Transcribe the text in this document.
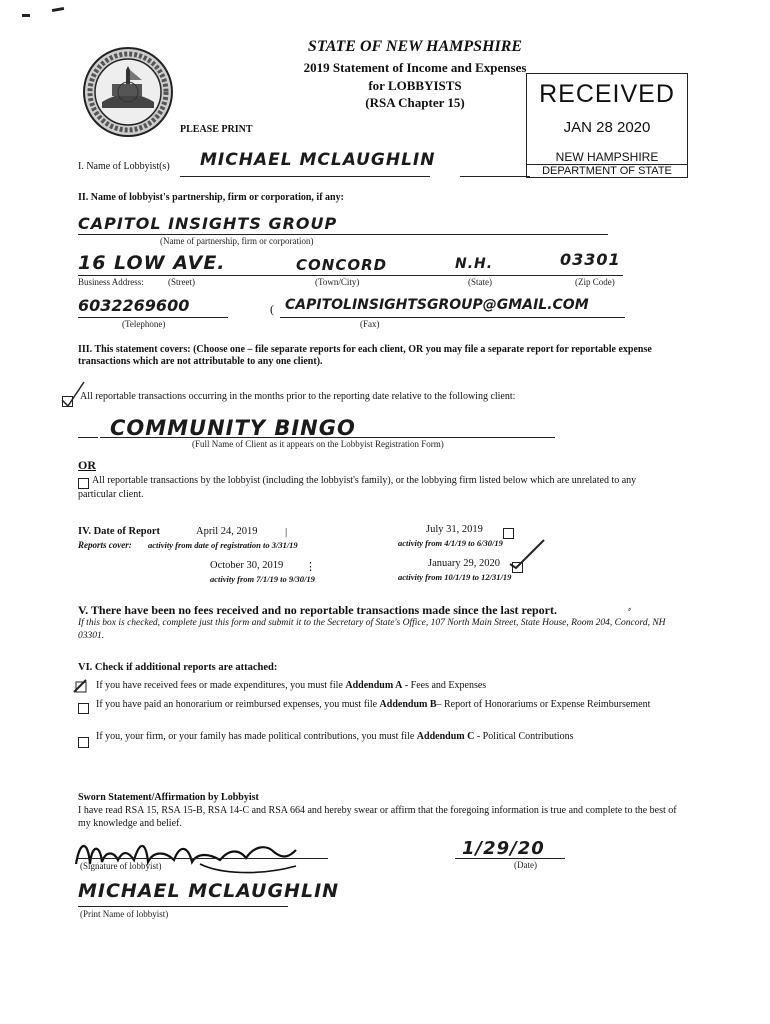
STATE OF NEW HAMPSHIRE
2019 Statement of Income and Expenses
for LOBBYISTS
(RSA Chapter 15)
PLEASE PRINT
RECEIVED
JAN 28 2020
NEW HAMPSHIRE
DEPARTMENT OF STATE
I. Name of Lobbyist(s) MICHAEL MCLAUGHLIN
II. Name of lobbyist's partnership, firm or corporation, if any:
CAPITOL INSIGHTS GROUP
(Name of partnership, firm or corporation)
16 LOW AVE.	CONCORD	N.H.	03301
Business Address:	(Street)	(Town/City)	(State)	(Zip Code)
6032269600	( CAPITOLINSIGHTSGROUP@GMAIL.COM
(Telephone)	(Fax)
III. This statement covers: (Choose one – file separate reports for each client, OR you may file a separate report for reportable expense transactions which are not attributable to any one client).
All reportable transactions occurring in the months prior to the reporting date relative to the following client:
COMMUNITY BINGO
(Full Name of Client as it appears on the Lobbyist Registration Form)
OR
All reportable transactions by the lobbyist (including the lobbyist's family), or the lobbying firm listed below which are unrelated to any particular client.
IV. Date of Report
Reports cover:
April 24, 2019 |
activity from date of registration to 3/31/19
July 31, 2019
activity from 4/1/19 to 6/30/19
October 30, 2019 ⋮
activity from 7/1/19 to 9/30/19
January 29, 2020
activity from 10/1/19 to 12/31/19
V. There have been no fees received and no reportable transactions made since the last report.	⸗
If this box is checked, complete just this form and submit it to the Secretary of State's Office, 107 North Main Street, State House, Room 204, Concord, NH 03301.
VI. Check if additional reports are attached:
If you have received fees or made expenditures, you must file Addendum A - Fees and Expenses
If you have paid an honorarium or reimbursed expenses, you must file Addendum B– Report of Honorariums or Expense Reimbursement
If you, your firm, or your family has made political contributions, you must file Addendum C - Political Contributions
Sworn Statement/Affirmation by Lobbyist
I have read RSA 15, RSA 15-B, RSA 14-C and RSA 664 and hereby swear or affirm that the foregoing information is true and complete to the best of my knowledge and belief.
(Signature of lobbyist)
1/29/20
(Date)
MICHAEL MCLAUGHLIN
(Print Name of lobbyist)
